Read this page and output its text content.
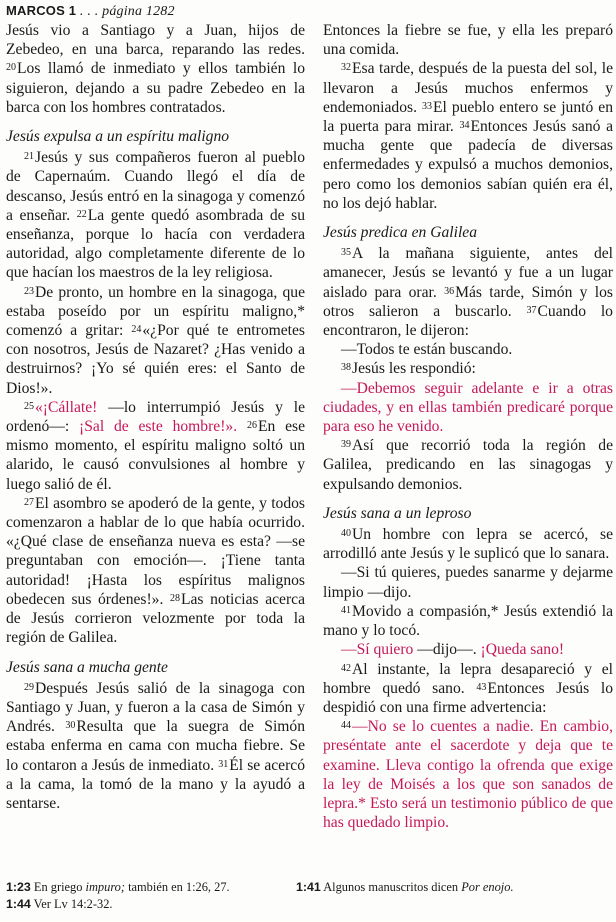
MARCOS 1 . . . página 1282

Jesús vio a Santiago y a Juan, hijos de Zebedeo, en una barca, reparando las redes. $^{20}$Los llamó de inmediato y ellos también lo siguieron, dejando a su padre Zebedeo en la barca con los hombres contratados.

Jesús expulsa a un espíritu maligno

$^{21}$Jesús y sus compañeros fueron al pueblo de Capernaúm. Cuando llegó el día de descanso, Jesús entró en la sinagoga y comenzó a enseñar. $^{22}$La gente quedó asombrada de su enseñanza, porque lo hacía con verdadera autoridad, algo completamente diferente de lo que hacían los maestros de la ley religiosa.

$^{23}$De pronto, un hombre en la sinagoga, que estaba poseído por un espíritu maligno,* comenzó a gritar: $^{24}$«¿Por qué te entrometes con nosotros, Jesús de Nazaret? ¿Has venido a destruirnos? ¡Yo sé quién eres: el Santo de Dios!».

$^{25}$«¡Cállate! —lo interrumpió Jesús y le ordenó—: ¡Sal de este hombre!». $^{26}$En ese mismo momento, el espíritu maligno soltó un alarido, le causó convulsiones al hombre y luego salió de él.

$^{27}$El asombro se apoderó de la gente, y todos comenzaron a hablar de lo que había ocurrido. «¿Qué clase de enseñanza nueva es esta? —se preguntaban con emoción—. ¡Tiene tanta autoridad! ¡Hasta los espíritus malignos obedecen sus órdenes!». $^{28}$Las noticias acerca de Jesús corrieron velozmente por toda la región de Galilea.

Jesús sana a mucha gente

$^{29}$Después Jesús salió de la sinagoga con Santiago y Juan, y fueron a la casa de Simón y Andrés. $^{30}$Resulta que la suegra de Simón estaba enferma en cama con mucha fiebre. Se lo contaron a Jesús de inmediato. $^{31}$Él se acercó a la cama, la tomó de la mano y la ayudó a sentarse.

Entonces la fiebre se fue, y ella les preparó una comida.

$^{32}$Esa tarde, después de la puesta del sol, le llevaron a Jesús muchos enfermos y endemoniados. $^{33}$El pueblo entero se juntó en la puerta para mirar. $^{34}$Entonces Jesús sanó a mucha gente que padecía de diversas enfermedades y expulsó a muchos demonios, pero como los demonios sabían quién era él, no los dejó hablar.

Jesús predica en Galilea

$^{35}$A la mañana siguiente, antes del amanecer, Jesús se levantó y fue a un lugar aislado para orar. $^{36}$Más tarde, Simón y los otros salieron a buscarlo. $^{37}$Cuando lo encontraron, le dijeron:

—Todos te están buscando.

$^{38}$Jesús les respondió:

—Debemos seguir adelante e ir a otras ciudades, y en ellas también predicaré porque para eso he venido.

$^{39}$Así que recorrió toda la región de Galilea, predicando en las sinagogas y expulsando demonios.

Jesús sana a un leproso

$^{40}$Un hombre con lepra se acercó, se arrodilló ante Jesús y le suplicó que lo sanara.

—Si tú quieres, puedes sanarme y dejarme limpio —dijo.

$^{41}$Movido a compasión,* Jesús extendió la mano y lo tocó.

—Sí quiero —dijo—. ¡Queda sano!

$^{42}$Al instante, la lepra desapareció y el hombre quedó sano. $^{43}$Entonces Jesús lo despidió con una firme advertencia:

$^{44}$—No se lo cuentes a nadie. En cambio, preséntate ante el sacerdote y deja que te examine. Lleva contigo la ofrenda que exige la ley de Moisés a los que son sanados de lepra.* Esto será un testimonio público de que has quedado limpio.

1:23 En griego impuro; también en 1:26, 27.	1:41 Algunos manuscritos dicen Por enojo.
1:44 Ver Lv 14:2-32.
